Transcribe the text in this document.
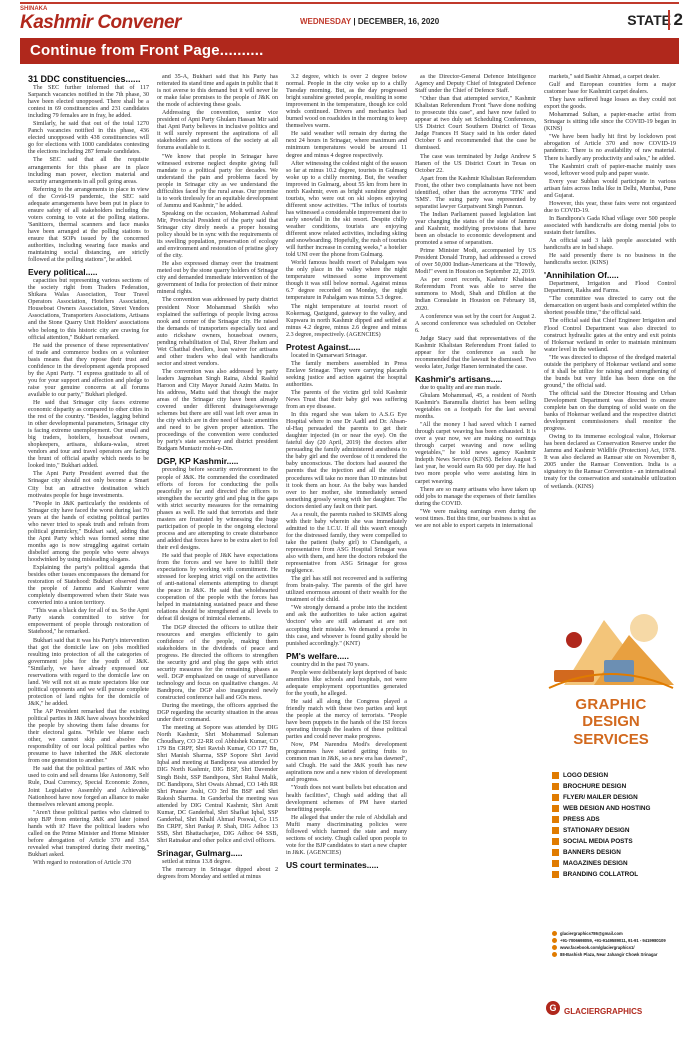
SHINAKA
Kashmir Convener	WEDNESDAY | DECEMBER, 16, 2020	STATE 2
Continue from Front Page..........
31 DDC constituencies......

The SEC further informed that of 117 Sarpanch vacancies notified in the 7th phase, 30 have been elected unopposed. There shall be a contest in 69 constituencies and 231 candidates including 79 females are in fray, he added.

Similarly, he said that out of the total 1270 Panch vacancies notified in this phase, 436 elected unopposed with 438 constituencies will go for elections with 1000 candidates contesting the elections including 287 female candidates.

The SEC said that all the requisite arrangements for this phase are in place including man power, election material and security arrangements in all poll going areas.

Referring to the arrangements in place in view of the Covid-19 pandemic, the SEC said adequate arrangements have been put in place to ensure safety of all stakeholders including the voters coming to vote at the polling stations. 'Sanitizers, thermal scanners and face masks have been arranged at the polling stations to ensure that SOPs issued by the concerned authorities, including wearing face masks and maintaining social distancing, are strictly followed at the polling stations", he added.

Every political.....

capacities but representing various sections of the society right from Traders Federation, Shikara Walas Association, Tour Travel Operators Association, Hoteliers Association, Houseboat Owners Association, Street Vendors Associations, Transporters Associations, Artisans and the Stone Quarry Unit Holders' associations who belong to this historic city are craving for official attention," Bukhari remarked.

He said the presence of these representatives' of trade and commerce bodies on a volunteer basis means that they repose their trust and confidence in the development agenda proposed by the Apni Party. "I express gratitude to all of you for your support and affection and pledge to raise your genuine concerns at all forums available to our party," Bukhari pledged.

He said that Srinagar city faces extreme economic disparity as compared to other cities in the rest of the country. "Besides, lagging behind in other developmental parameters, Srinagar city is facing extreme unemployment. Our small and big traders, hoteliers, houseboat owners, shopkeepers, artisans, shikara-walas, street vendors and tour and travel operators are facing the brunt of official apathy which needs to be looked into," Bukhari added.

The Apni Party President averred that the Srinagar city should not only become a Smart City but an attractive destination which motivates people for huge investments.

"People in J&K particularly the residents of Srinagar city have faced the worst during last 70 years at the hands of existing political parties who never tried to speak truth and refrain from political gimmickry," Bukhari said, adding that the Apni Party which was formed some nine months ago is now struggling against certain disbelief among the people who were always hoodwinked by using misleading slogans.

Explaining the party's political agenda that besides other issues encompasses the demand for restoration of Statehood: Bukhari observed that the people of Jammu and Kashmir were completely disempowered when their State was converted into a union territory.

"This was a black day for all of us. So the Apni Party stands committed to strive for empowerment of people through restoration of Statehood," he remarked.

Bukhari said that it was his Party's intervention that got the domicile law on jobs modified resulting into protection of all the categories of government jobs for the youth of J&K. "Similarly, we have already expressed our reservations with regard to the domicile law on land. We will not sit as mute spectators like our political opponents and we will pursue complete protection of land rights for the domicile of J&K," he added.

The AP President remarked that the existing political parties in J&K have always hoodwinked the people by showing them false dreams for their electoral gains. "While we blame each other, we cannot skip and absolve the responsibility of our local political parties who presume to have inherited the J&K electorate from one generation to another."

He said that the political parties of J&K who used to coin and sell dreams like Autonomy, Self Rule, Dual Currency, Special Economic Zones, Joint Legislative Assembly and Achievable Nationhood have now forged an alliance to make themselves relevant among people.

"Aren't these political parties who claimed to stop BJP from entering J&K and later joined hands with it? Have the political leaders who called on the Prime Minister and Home Minister before abrogation of Article 370 and 35A revealed what transpired during their meeting," Bukhari asked.

With regard to restoration of Article 370

and 35-A, Bukhari said that his Party has reiterated its stand time and again in public that it is not averse to this demand but it will never lie or make false promises to the people of J&K on the mode of achieving these goals.

Addressing the convention, senior vice president of Apni Party Ghulam Hassan Mir said that Apni Party believes in inclusive politics and it will surely represent the aspirations of all stakeholders and sections of the society at all forums available to it.

"We know that people in Srinagar have witnessed extreme neglect despite giving full mandate to a political party for decades. We understand the pain and problems faced by people in Srinagar city as we understand the difficulties faced by the rural areas. Our promise is to work tirelessly for an equitable development of Jammu and Kashmir," he added.

Speaking on the occasion, Mohammad Ashraf Mir, Provincial President of the party said that Srinagar city direly needs a proper housing policy should be in sync with the requirements of its swelling population, preservation of ecology and environment and restoration of pristine glory of the city.

He also expressed dismay over the treatment meted out by the stone quarry holders of Srinagar city and demanded immediate intervention of the government of India for protection of their minor mineral rights.

The convention was addressed by party district president Noor Mohammad Sheikh who explained the sufferings of people living across nook and corner of the Srinagar city. He raised the demands of transporters especially taxi and auto rickshaw owners, houseboat owners, pending rehabilitation of Dal, River Jhelum and Wet Chatthal dwellers, loan waiver for artisans and other traders who deal with handicrafts sector and street vendors.

The convention was also addressed by party leaders Jagmohan Singh Raina, Abdul Rashid Haroon and City Mayor Junaid Azim Mattu. In his address, Mattu said that though the major areas of the Srinagar city have been already covered under different drainage/sewerage schemes but there are still vast left over areas in the city which are in dire need of basic amenities and need to be given proper attention. The proceedings of the convention were conducted by party's state secretary and district president Budgam Muntazir mohi-u-Din.

DGP, KP Kashmir.....

preceding before security environment to the people of J&K. He commended the coordinated efforts of forces for conducting the polls peacefully so far and directed the officers to strengthen the security grid and plug in the gaps with strict security measures for the remaining phases as well. He said that terrorists and their masters are frustrated by witnessing the huge participation of people in the ongoing electoral process and are attempting to create disturbance and added that forces have to be extra alert to foil their evil designs.

He said that people of J&K have expectations from the forces and we have to fulfill their expectations by working with commitment. He stressed for keeping strict vigil on the activities of anti-national elements attempting to disrupt the peace in J&K. He said that wholehearted cooperation of the people with the forces has helped in maintaining sustained peace and these relations should be strengthened at all levels to defeat ill designs of inimical elements.

The DGP directed the officers to utilize their resources and energies efficiently to gain confidence of the people, making them stakeholders in the dividends of peace and progress. He directed the officers to strengthen the security grid and plug the gaps with strict security measures for the remaining phases as well. DGP emphasized on usage of surveillance technology and focus on qualitative changes. At Bandipora, the DGP also inaugurated newly constructed conference hall and GOs mess.

During the meetings, the officers apprised the DGP regarding the security situation in the areas under their command.

The meeting at Sopore was attended by DIG North Kashmir, Shri Mohammad Suleman Choudhary, CO 22-RR col Abhishek Kumar, CO 179 Bn CRPF, Shri Ravish Kumar, CO 177 Bn, Shri Manish Sharma, SSP Sopore Shri Javid Iqbal and meeting at Bandipora was attended by DIG North Kashmir, DIG BSF, Shri Davender Singh Bisht, SSP Bandipora, Shri Rahul Malik, DC Bandipora, Shri Owais Ahmad, CO 14th RR Shri Pranav Joshi, CO 3rd Bn BSF and Shri Rakesh Sharma. In Ganderbal the meeting was attended by DIG Central Kashmir, Shri Amit Kumar, DC Ganderbal, Shri Shafkat Iqbal, SSP Ganderbal, Shri Khalil Ahmad Poswal, Co 115 Bn CRPF, Shri Pankaj P. Shah, DIG Adhoc 13 SSB, Shri Bhattacharjee, DIG Adhoc 04 SSB, Shri Ratnakar and other police and civil officers.

Srinagar, Gulmarg.....

settled at minus 13.8 degree.

The mercury in Srinagar dipped about 2 degrees from Monday and settled at minus

3.2 degree, which is over 2 degree below normal. People in the city woke up to a chilly Tuesday morning. But, as the day progressed bright sunshine greeted people, resulting in some improvement in the temperature, though ice cold winds continued. Drivers and mechanics had burned wood on roadsides in the morning to keep themselves warm.

He said weather will remain dry during the next 24 hours in Srinagar, where maximum and minimum temperatures would be around 11 degree and minus 4 degree respectively.

After witnessing the coldest night of the season so far at minus 10.2 degree, tourists in Gulmarg woke up to a chilly morning. But, the weather improved in Gulmarg, about 55 km from here in north Kashmir, even as bright sunshine greeted tourists, who were out on ski slopes enjoying different snow activities. "The influx of tourists has witnessed a considerable improvement due to early snowfall in the ski resort. Despite chilly weather conditions, tourists are enjoying different snow related activities, including skiing and snowboarding. Hopefully, the rush of tourists will further increase in coming weeks," a hotelier told UNI over the phone from Gulmarg.

World famous health resort of Pahalgam was the only place in the valley where the night temperature witnessed some improvement though it was still below normal. Against minus 6.7 degree recorded on Monday, the night temperature in Pahalgam was minus 5.3 degree.

The night temperature at tourist resort of Kokernag, Qazigund, gateway to the valley, and Kupwara in north Kashmir dipped and settled at minus 4.2 degree, minus 2.6 degree and minus 2.3 degree, respectively. (AGENCIES)

Protest Against.....

located in Qamarwari Srinagar.

The family members assembled in Press Enclave Srinagar. They were carrying placards seeking justice and action against the hospital authorities.

The parents of the victim girl told Kashmir News Trust that their baby girl was suffering from an eye disease.

In this regard she was taken to A.S.G Eye Hospital where in one Dr Aadil and Dr. Ahsan-ul-Haq persuaded the parents to get their daughter injected (in or near the eye). On the fateful day (20 April, 2019) the doctors after persuading the family administered anesthesia to the baby girl and the overdose of it rendered the baby unconscious. The doctors had assured the parents that the injection and all the related procedures will take no more than 10 minutes but it took them an hour. As the baby was handed over to her mother, she immediately sensed something grossly wrong with her daughter. The doctors denied any fault on their part.

As a result, the parents rushed to SKIMS along with their baby wherein she was immediately admitted to the I.C.U. If all this wasn't enough for the distressed family, they were compelled to take the patient (baby girl) to Chandigarh, a representative from ASG Hospital Srinagar was also with them, and here the doctors rebuked the representative from ASG Srinagar for gross negligence.

The girl has still not recovered and is suffering from brain-palsy. The parents of the girl have utilized enormous amount of their wealth for the treatment of the child.

"We strongly demand a probe into the incident and ask the authorities to take action against 'doctors' who are still adamant at are not accepting their mistake. We demand a probe in this case, and whoever is found guilty should be punished accordingly." (KNT)

PM's welfare.....

country did in the past 70 years.

People were deliberately kept deprived of basic amenities like schools and hospitals, not were adequate employment opportunities generated for the youth, he alleged.

He said all along the Congress played a friendly match with these two parties and kept the people at the mercy of terrorists. "People have been puppets in the hands of the ISI forces operating through the leaders of these political parties and could never make progress.

Now, PM Narendra Modi's development programmes have started getting fruits to common man in J&K, so a new era has dawned", said Chugh. He said the J&K youth has new aspirations now and a new vision of development and progress.

"Youth does not want bullets but education and health facilities", Chugh said adding that all development schemes of PM have started benefitting people.

He alleged that under the rule of Abdullah and Mufti many discriminating policies were followed which harmed the state and many sections of society. Chugh called upon people to vote for the BJP candidates to start a new chapter in J&K. (AGENCIES)

US court terminates.....

as the Director-General Defence Intelligence Agency and Deputy Chief of Integrated Defence Staff under the Chief of Defence Staff.

"Other than that attempted service," Kashmir Khalistan Referendum Front "have done nothing to prosecute this case", and have now failed to appear at two duly set Scheduling Conferences, US District Court Southern District of Texas Judge Frances H Stacy said in his order dated October 6 and recommended that the case be dismissed.

The case was terminated by Judge Andrew S Hanen of the US District Court in Texas on October 22.

Apart from the Kashmir Khalistan Referendum Front, the other two complainants have not been identified, other than the acronyms 'TFK' and 'SMS'. The suing party was represented by separatist lawyer Gurpatwant Singh Pannun.

The Indian Parliament passed legislation last year changing the status of the state of Jammu and Kashmir, modifying provisions that have been an obstacle to economic development and promoted a sense of separatism.

Prime Minister Modi, accompanied by US President Donald Trump, had addressed a crowd of over 50,000 Indian-Americans at the "Howdy, Modi!" event in Houston on September 22, 2019.

As per court records, Kashmir Khalistan Referendum Front was able to serve the summons to Modi, Shah and Dhillon at the Indian Consulate in Houston on February 18, 2020.

A conference was set by the court for August 2. A second conference was scheduled on October 6.

Judge Stacy said that representatives of the Kashmir Khalistan Referendum Front failed to appear for the conference as such he recommended that the lawsuit be dismissed. Two weeks later, Judge Hanen terminated the case.

Kashmir's artisans.....

due to quality and are man made.

Ghulam Mohammad, 45, a resident of North Kashmir's Baramulla district has been selling vegetables on a footpath for the last several months.

"All the money I had saved which I earned through carpet weaving has been exhausted. It is over a year now, we are making no earnings through carpet weaving and now selling vegetables," he told news agency Kashmir Indepth News Service (KINS). Before August 5 last year, he would earn Rs 600 per day. He had two more people who were assisting him in carpet weaving.

There are so many artisans who have taken up odd jobs to manage the expenses of their families during the COVID.

"We were making earnings even during the worst times. But this time, our business is shut as we are not able to export carpets in international

markets," said Bashir Ahmad, a carpet dealer.

Gulf and European countries form a major customer base for Kashmiri carpet dealers.

They have suffered huge losses as they could not export the goods.

Mohammad Sultan, a papier-mache artist from Srinagar is sitting idle since the COVID-19 began in (KINS)

"We have been badly hit first by lockdown post abrogation of Article 370 and now COVID-19 pandemic. There is no availability of raw material. There is hardly any productivity and sales," he added.

The Kashmiri craft of papier-mache mainly uses wood, leftover wood pulp and paper waste.

Every year Subhan would participate in various artisan fairs across India like in Delhi, Mumbai, Pune and Gujarat.

However, this year, these fairs were not organized due to COVID-19.

In Bandipora's Gada Khad village over 500 people associated with handicrafts are doing menial jobs to sustain their families.

An official said 3 lakh people associated with handicrafts are in bad shape.

He said presently there is no business in the handicrafts sector. (KINS)

'Annihilation Of.....

Department, Irrigation and Flood Control Department, Rakhs and Farms.

"The committee was directed to carry out the demarcation on urgent basis and completed within the shortest possible time," the official said.

The official said that Chief Engineer Irrigation and Flood Control Department was also directed to construct hydraulic gates at the entry and exit points of Hokersar wetland in order to maintain minimum water level in the wetland.

"He was directed to dispose of the dredged material outside the periphery of Hokersar wetland and some of it shall be utilize for raising and strengthening of the bunds but very little has been done on the ground," the official said.

The official said the Director Housing and Urban Development Department was directed to ensure complete ban on the dumping of solid waste on the banks of Hokersar wetland and the respective district development commissioners shall monitor the progress.

Owing to its immense ecological value, Hokersar has been declared as Conservation Reserve under the Jammu and Kashmir Wildlife (Protection) Act, 1978. It was also declared as Ramsar site on November 8, 2005 under the Ramsar Convention. India is a signatory to the Ramsar Convention - an international treaty for the conservation and sustainable utilization of wetlands. (KINS)

GRAPHIC
DESIGN
SERVICES
LOGO DESIGN
BROCHURE DESIGN
FLYER/ MAILER DESIGN
WEB DESIGN AND HOSTING
PRESS ADS
STATIONARY DESIGN
SOCIAL MEDIA POSTS
BANNERS DESIGN
MAGAZINES DESIGN
BRANDING COLLATROL
glaciergraphics786@gmail.com
+91-7006698059, +91-9149589011, 91-91 - 9419980109
www.facebook.com/glaciergraphics1/
88-Bashish Plaza, Near Jahangir Chowk Srinagar
G GLACIERGRAPHICS
